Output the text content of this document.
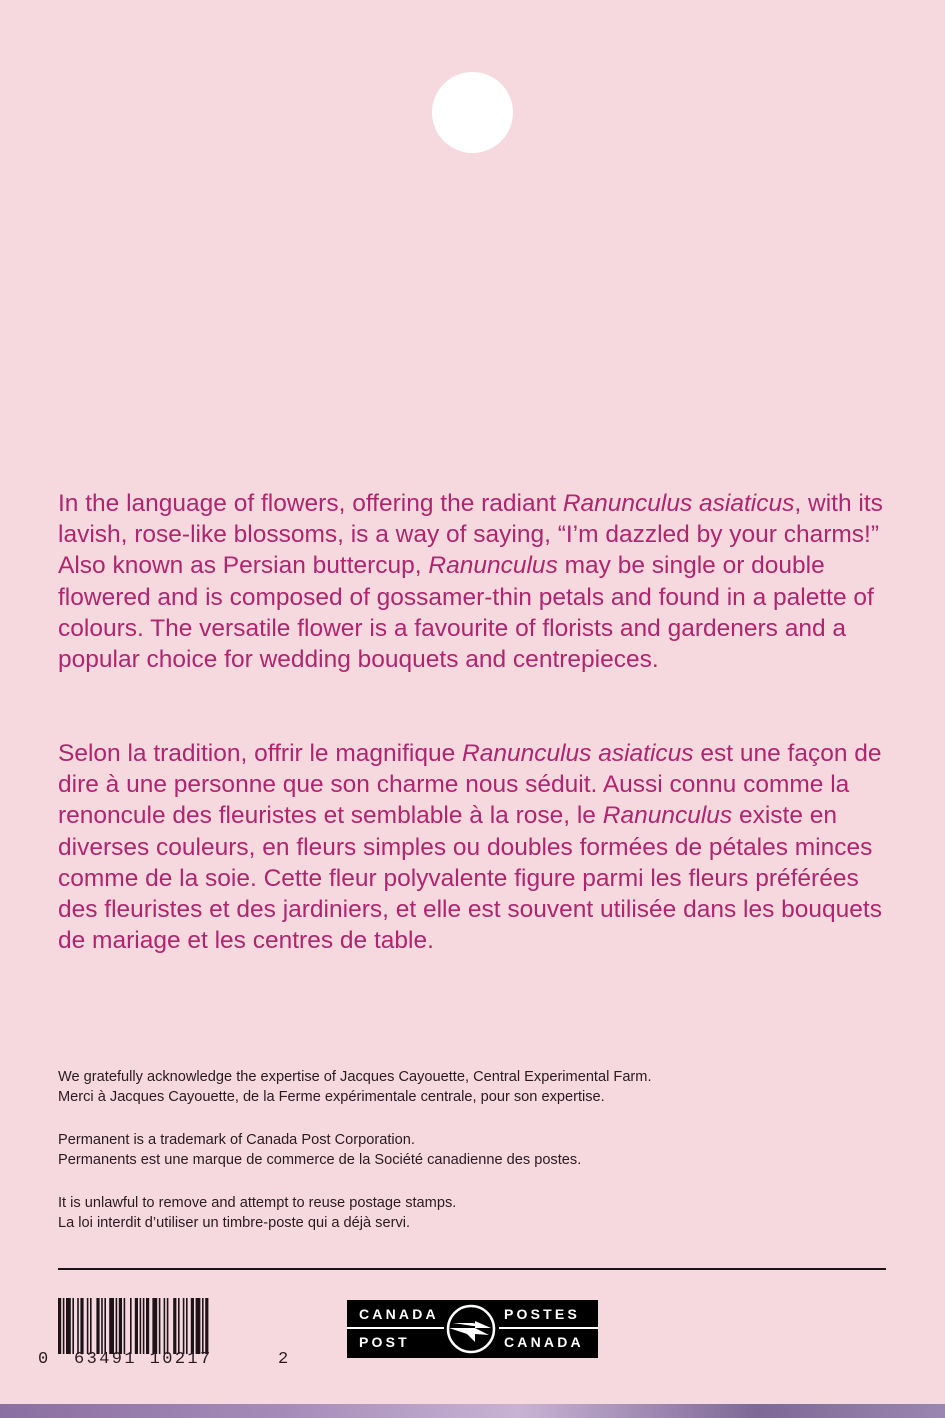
In the language of flowers, offering the radiant Ranunculus asiaticus, with its lavish, rose-like blossoms, is a way of saying, “I’m dazzled by your charms!” Also known as Persian buttercup, Ranunculus may be single or double flowered and is composed of gossamer-thin petals and found in a palette of colours. The versatile flower is a favourite of florists and gardeners and a popular choice for wedding bouquets and centrepieces.

Selon la tradition, offrir le magnifique Ranunculus asiaticus est une façon de dire à une personne que son charme nous séduit. Aussi connu comme la renoncule des fleuristes et semblable à la rose, le Ranunculus existe en diverses couleurs, en fleurs simples ou doubles formées de pétales minces comme de la soie. Cette fleur polyvalente figure parmi les fleurs préférées des fleuristes et des jardiniers, et elle est souvent utilisée dans les bouquets de mariage et les centres de table.

We gratefully acknowledge the expertise of Jacques Cayouette, Central Experimental Farm.
Merci à Jacques Cayouette, de la Ferme expérimentale centrale, pour son expertise.
Permanent is a trademark of Canada Post Corporation.
Permanents est une marque de commerce de la Société canadienne des postes.
It is unlawful to remove and attempt to reuse postage stamps.
La loi interdit d’utiliser un timbre-poste qui a déjà servi.
0 63491 10217	2
CANADA
POST
POSTES
CANADA
